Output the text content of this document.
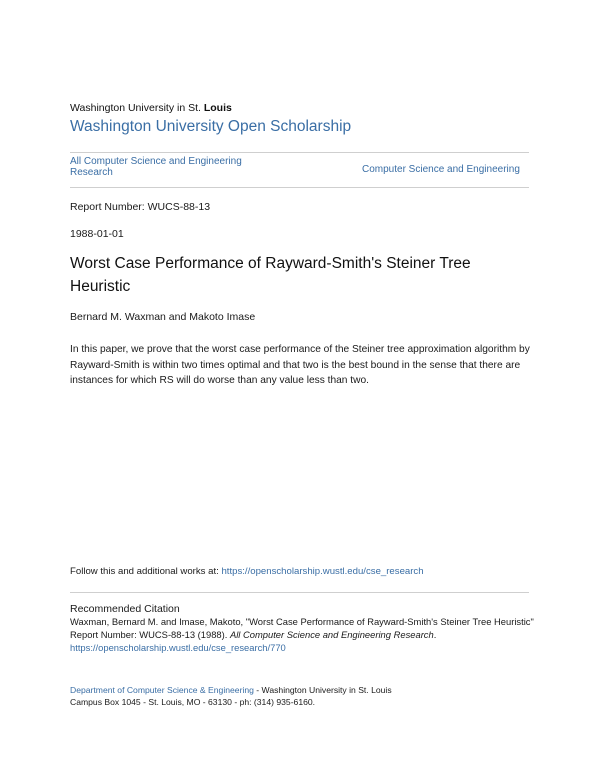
Washington University in St. Louis
Washington University Open Scholarship
All Computer Science and Engineering Research	Computer Science and Engineering
Report Number: WUCS-88-13
1988-01-01
Worst Case Performance of Rayward-Smith's Steiner Tree Heuristic
Bernard M. Waxman and Makoto Imase
In this paper, we prove that the worst case performance of the Steiner tree approximation algorithm by Rayward-Smith is within two times optimal and that two is the best bound in the sense that there are instances for which RS will do worse than any value less than two.
Follow this and additional works at: https://openscholarship.wustl.edu/cse_research
Recommended Citation
Waxman, Bernard M. and Imase, Makoto, "Worst Case Performance of Rayward-Smith's Steiner Tree Heuristic" Report Number: WUCS-88-13 (1988). All Computer Science and Engineering Research.
https://openscholarship.wustl.edu/cse_research/770
Department of Computer Science & Engineering - Washington University in St. Louis
Campus Box 1045 - St. Louis, MO - 63130 - ph: (314) 935-6160.
